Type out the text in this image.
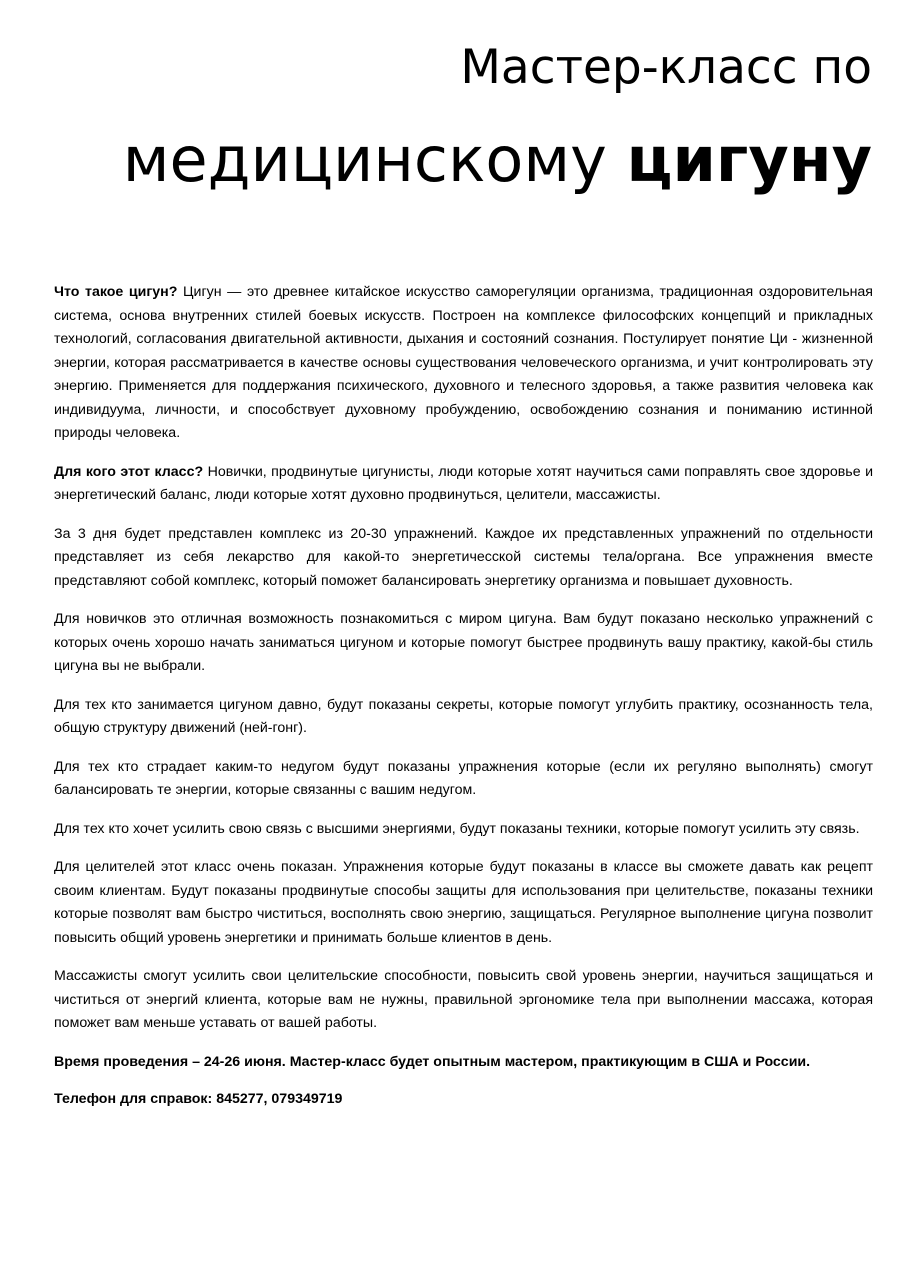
Мастер-класс по
медицинскому цигуну

Что такое цигун? Цигун — это древнее китайское искусство саморегуляции организма, традиционная оздоровительная система, основа внутренних стилей боевых искусств. Построен на комплексе философских концепций и прикладных технологий, согласования двигательной активности, дыхания и состояний сознания. Постулирует понятие Ци - жизненной энергии, которая рассматривается в качестве основы существования человеческого организма, и учит контролировать эту энергию. Применяется для поддержания психического, духовного и телесного здоровья, а также развития человека как индивидуума, личности, и способствует духовному пробуждению, освобождению сознания и пониманию истинной природы человека.

Для кого этот класс? Новички, продвинутые цигунисты, люди которые хотят научиться сами поправлять свое здоровье и энергетический баланс, люди которые хотят духовно продвинуться, целители, массажисты.

За 3 дня будет представлен комплекс из 20-30 упражнений. Каждое их представленных упражнений по отдельности представляет из себя лекарство для какой-то энергетичесской системы тела/органа. Все упражнения вместе представляют собой комплекс, который поможет балансировать энергетику организма и повышает духовность.

Для новичков это отличная возможность познакомиться с миром цигуна. Вам будут показано несколько упражнений с которых очень хорошо начать заниматься цигуном и которые помогут быстрее продвинуть вашу практику, какой-бы стиль цигуна вы не выбрали.

Для тех кто занимается цигуном давно, будут показаны секреты, которые помогут углубить практику, осознанность тела, общую структуру движений (ней-гонг).

Для тех кто страдает каким-то недугом будут показаны упражнения которые (если их регуляно выполнять) смогут балансировать те энергии, которые связанны с вашим недугом.

Для тех кто хочет усилить свою связь с высшими энергиями, будут показаны техники, которые помогут усилить эту связь.

Для целителей этот класс очень показан. Упражнения которые будут показаны в классе вы сможете давать как рецепт своим клиентам. Будут показаны продвинутые способы защиты для использования при целительстве, показаны техники которые позволят вам быстро чиститься, восполнять свою энергию, защищаться. Регулярное выполнение цигуна позволит повысить общий уровень энергетики и принимать больше клиентов в день.

Массажисты смогут усилить свои целительские способности, повысить свой уровень энергии, научиться защищаться и чиститься от энергий клиента, которые вам не нужны, правильной эргономике тела при выполнении массажа, которая поможет вам меньше уставать от вашей работы.

Время проведения – 24-26 июня. Мастер-класс будет опытным мастером, практикующим в США и России.

Телефон для справок: 845277, 079349719
